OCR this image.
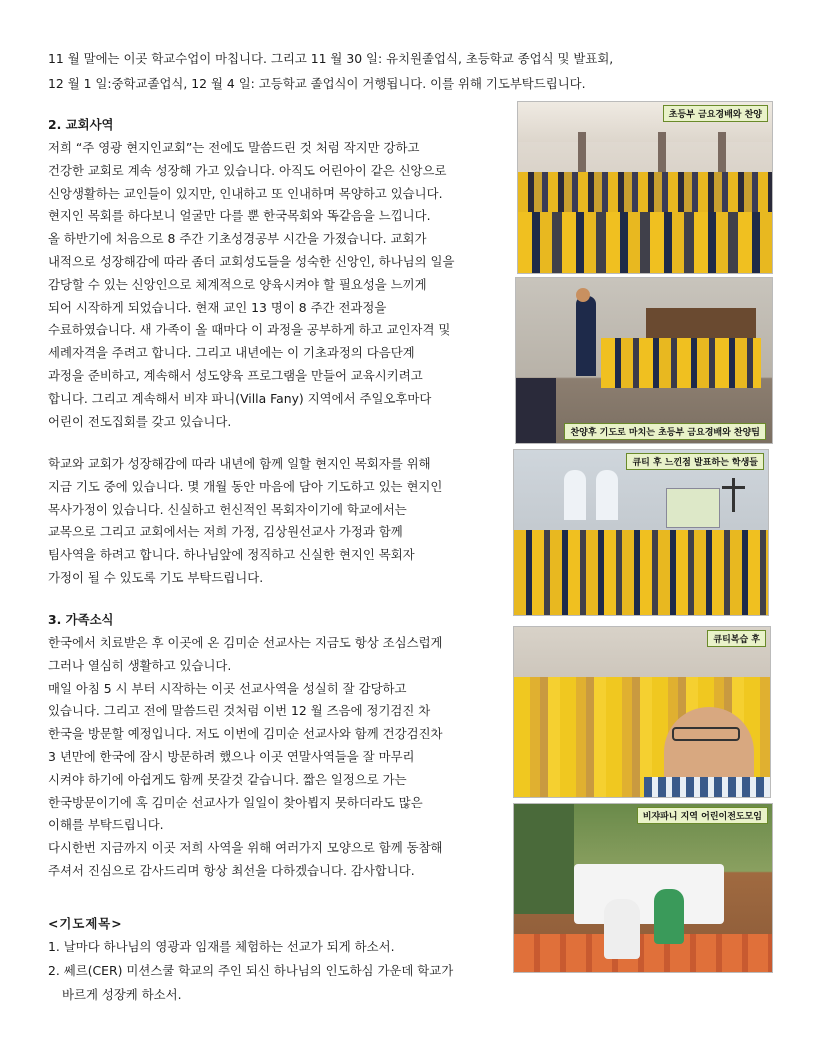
11 월 말에는 이곳 학교수업이 마칩니다. 그리고 11 월 30 일: 유치원졸업식, 초등학교 종업식 및 발표회,
12 월 1 일:중학교졸업식, 12 월 4 일: 고등학교 졸업식이 거행됩니다. 이를 위해 기도부탁드립니다.
2. 교회사역
저희 “주 영광 현지인교회”는 전에도 말씀드린 것 처럼 작지만 강하고
건강한 교회로 계속 성장해 가고 있습니다. 아직도 어린아이 같은 신앙으로
신앙생활하는 교인들이 있지만, 인내하고 또 인내하며 목양하고 있습니다.
현지인 목회를 하다보니 얼굴만 다를 뿐 한국목회와 똑같음을 느낍니다.
올 하반기에 처음으로 8 주간 기초성경공부 시간을 가졌습니다. 교회가
내적으로 성장해감에 따라 좀더 교회성도들을 성숙한 신앙인, 하나님의 일을
감당할 수 있는 신앙인으로 체계적으로 양육시켜야 할 필요성을 느끼게
되어 시작하게 되었습니다. 현재 교인 13 명이 8 주간 전과정을
수료하였습니다. 새 가족이 올 때마다 이 과정을 공부하게 하고 교인자격 및
세례자격을 주려고 합니다. 그리고 내년에는 이 기초과정의 다음단계
과정을 준비하고, 계속해서 성도양육 프로그램을 만들어 교육시키려고
합니다. 그리고 계속해서 비쟈 파니(Villa Fany) 지역에서 주일오후마다
어린이 전도집회를 갖고 있습니다.
학교와 교회가 성장해감에 따라 내년에 함께 일할 현지인 목회자를 위해
지금 기도 중에 있습니다. 몇 개월 동안 마음에 담아 기도하고 있는 현지인
목사가정이 있습니다. 신실하고 헌신적인 목회자이기에 학교에서는
교목으로 그리고 교회에서는 저희 가정, 김상원선교사 가정과 함께
팀사역을 하려고 합니다. 하나님앞에 정직하고 신실한 현지인 목회자
가정이 될 수 있도록 기도 부탁드립니다.
3. 가족소식
한국에서 치료받은 후 이곳에 온 김미순 선교사는 지금도 항상 조심스럽게
그러나 열심히 생활하고 있습니다.
매일 아침 5 시 부터 시작하는 이곳 선교사역을 성실히 잘 감당하고
있습니다. 그리고 전에 말씀드린 것처럼 이번 12 월 즈음에 정기검진 차
한국을 방문할 예정입니다. 저도 이번에 김미순 선교사와 함께 건강검진차
3 년만에 한국에 잠시 방문하려 했으나 이곳 연말사역들을 잘 마무리
시켜야 하기에 아쉽게도 함께 못갈것 같습니다. 짧은 일정으로 가는
한국방문이기에 혹 김미순 선교사가 일일이 찾아뵙지 못하더라도 많은
이해를 부탁드립니다.
다시한번 지금까지 이곳 저희 사역을 위해 여러가지 모양으로 함께 동참해
주셔서 진심으로 감사드리며 항상 최선을 다하겠습니다. 감사합니다.
<기도제목>
1. 날마다 하나님의 영광과 임재를 체험하는 선교가 되게 하소서.
2. 쎄르(CER) 미션스쿨 학교의 주인 되신 하나님의 인도하심 가운데 학교가
바르게 성장케 하소서.
초등부 금요경배와 찬양
찬양후 기도로 마치는 초등부 금요경배와 찬양팀
큐티 후 느낀점 발표하는 학생들
큐티복습 후
비쟈파니 지역 어린이전도모임
